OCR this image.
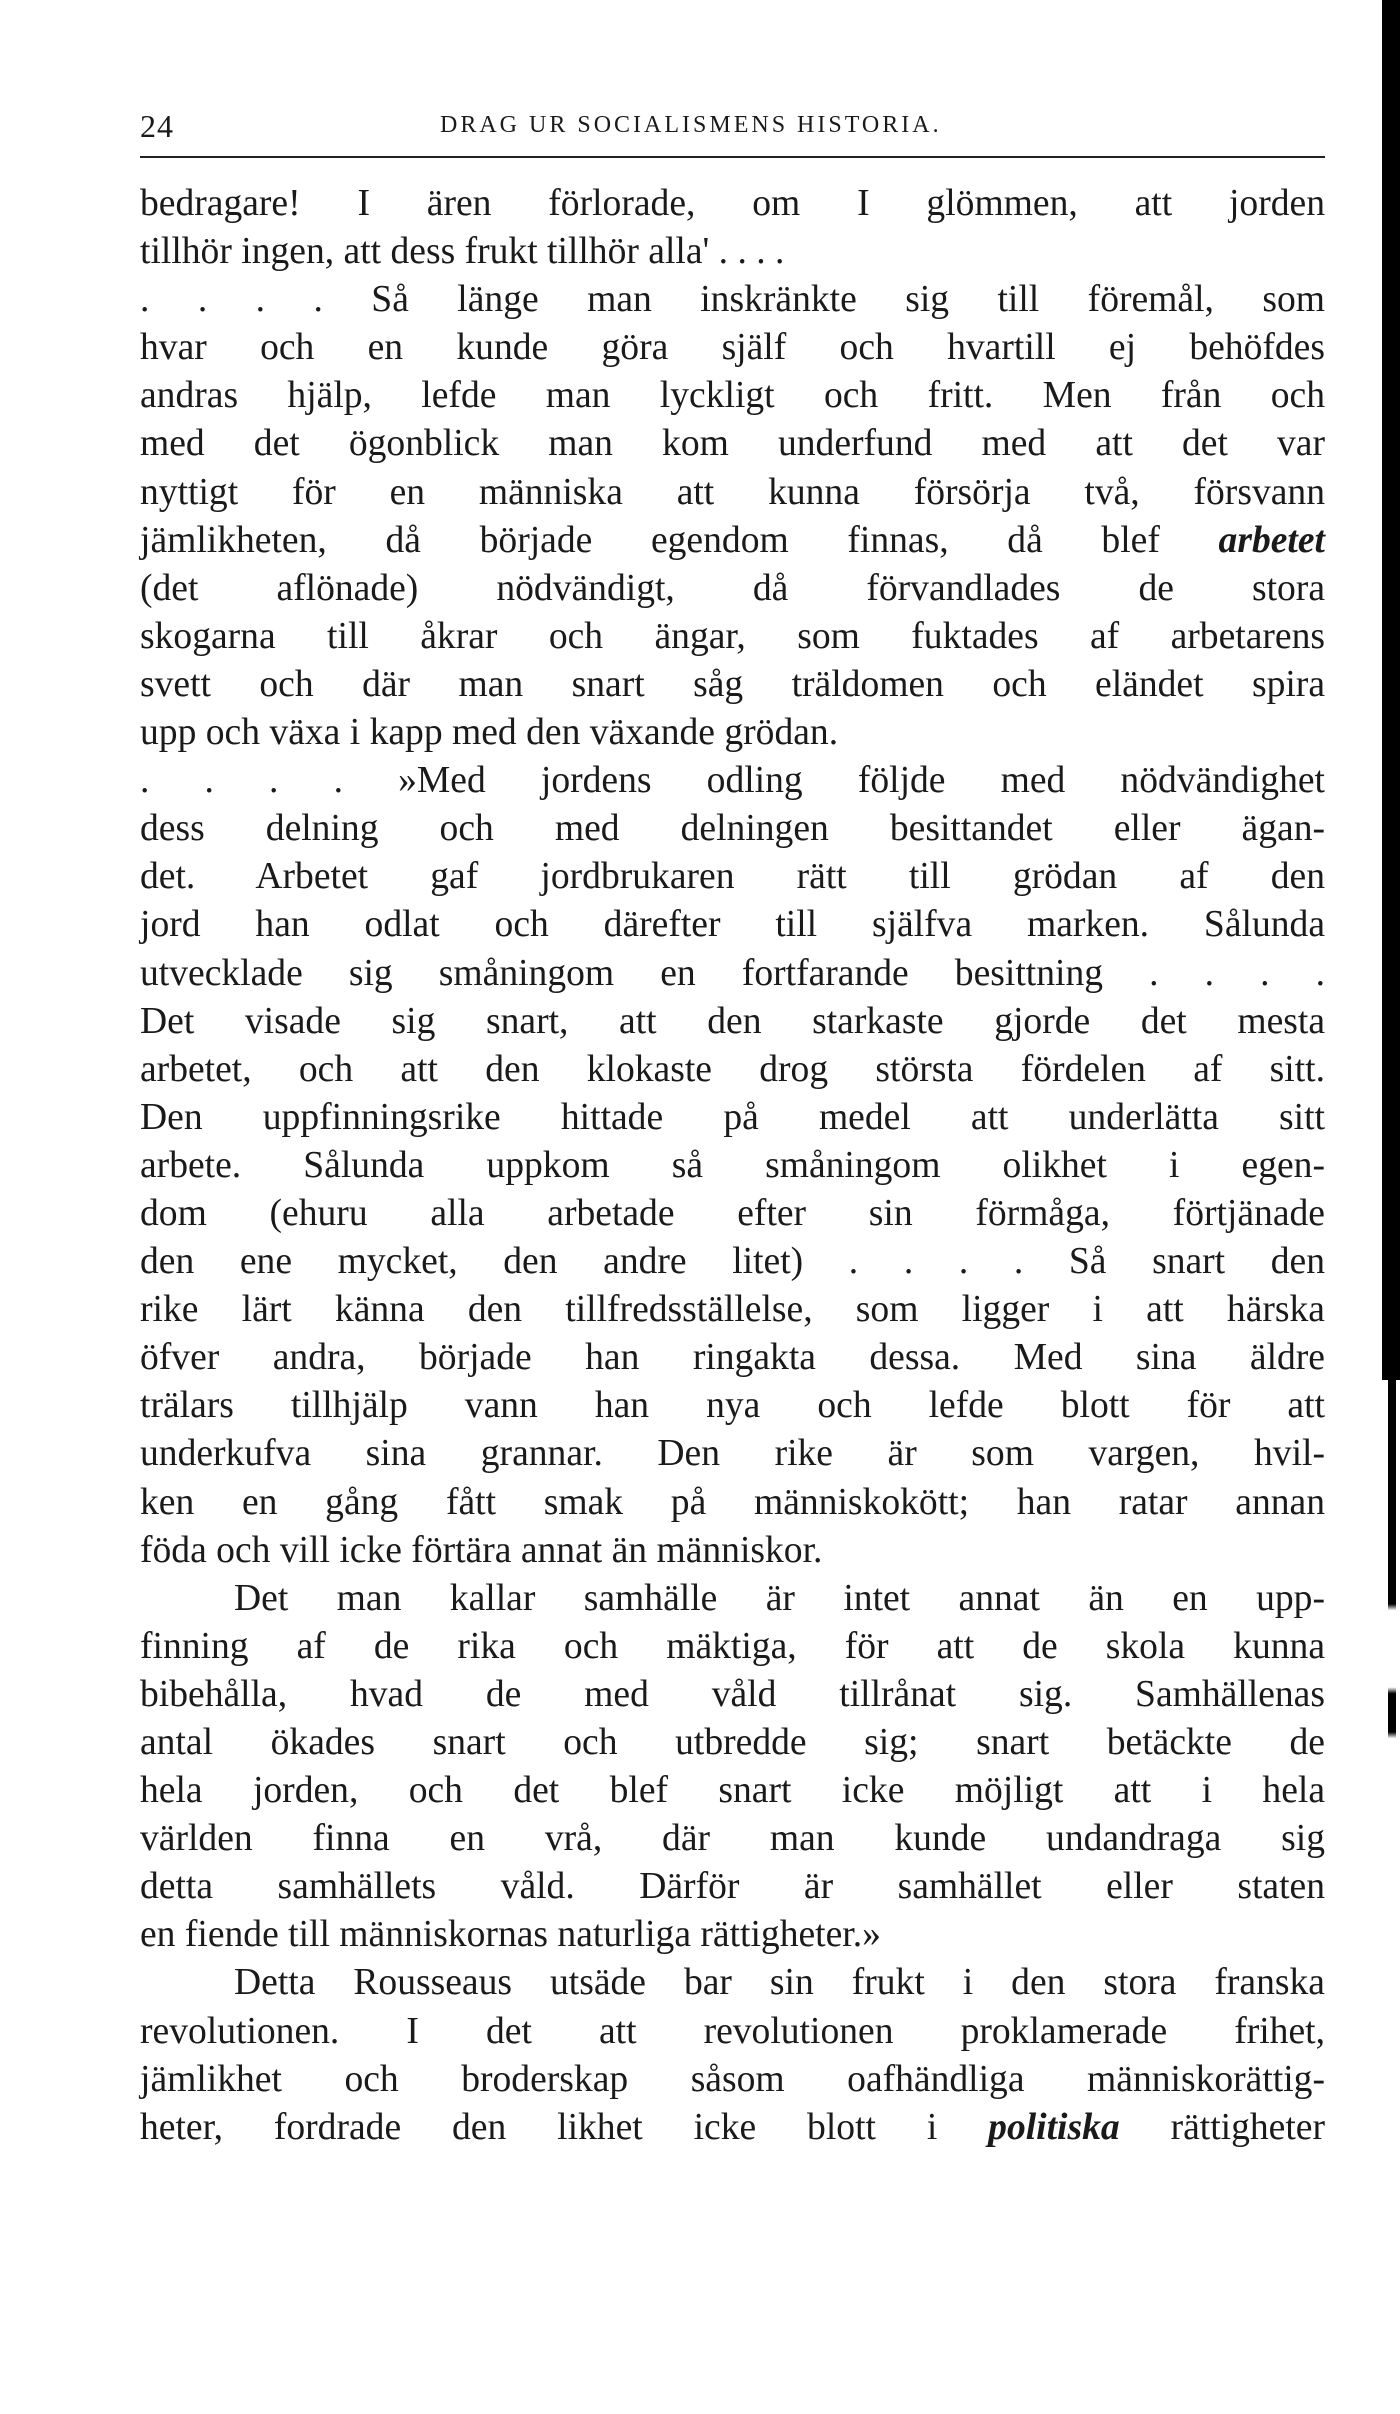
24	DRAG UR SOCIALISMENS HISTORIA.
bedragare! I ären förlorade, om I glömmen, att jorden
tillhör ingen, att dess frukt tillhör alla' . . . .
. . . . Så länge man inskränkte sig till föremål, som
hvar och en kunde göra själf och hvartill ej behöfdes
andras hjälp, lefde man lyckligt och fritt. Men från och
med det ögonblick man kom underfund med att det var
nyttigt för en människa att kunna försörja två, försvann
jämlikheten, då började egendom finnas, då blef arbetet
(det aflönade) nödvändigt, då förvandlades de stora
skogarna till åkrar och ängar, som fuktades af arbetarens
svett och där man snart såg träldomen och eländet spira
upp och växa i kapp med den växande grödan.
. . . . »Med jordens odling följde med nödvändighet
dess delning och med delningen besittandet eller ägan-
det. Arbetet gaf jordbrukaren rätt till grödan af den
jord han odlat och därefter till själfva marken. Sålunda
utvecklade sig småningom en fortfarande besittning . . . .
Det visade sig snart, att den starkaste gjorde det mesta
arbetet, och att den klokaste drog största fördelen af sitt.
Den uppfinningsrike hittade på medel att underlätta sitt
arbete. Sålunda uppkom så småningom olikhet i egen-
dom (ehuru alla arbetade efter sin förmåga, förtjänade
den ene mycket, den andre litet) . . . . Så snart den
rike lärt känna den tillfredsställelse, som ligger i att härska
öfver andra, började han ringakta dessa. Med sina äldre
trälars tillhjälp vann han nya och lefde blott för att
underkufva sina grannar. Den rike är som vargen, hvil-
ken en gång fått smak på människokött; han ratar annan
föda och vill icke förtära annat än människor.
Det man kallar samhälle är intet annat än en upp-
finning af de rika och mäktiga, för att de skola kunna
bibehålla, hvad de med våld tillrånat sig. Samhällenas
antal ökades snart och utbredde sig; snart betäckte de
hela jorden, och det blef snart icke möjligt att i hela
världen finna en vrå, där man kunde undandraga sig
detta samhällets våld. Därför är samhället eller staten
en fiende till människornas naturliga rättigheter.»
Detta Rousseaus utsäde bar sin frukt i den stora franska
revolutionen. I det att revolutionen proklamerade frihet,
jämlikhet och broderskap såsom oafhändliga människorättig-
heter, fordrade den likhet icke blott i politiska rättigheter
